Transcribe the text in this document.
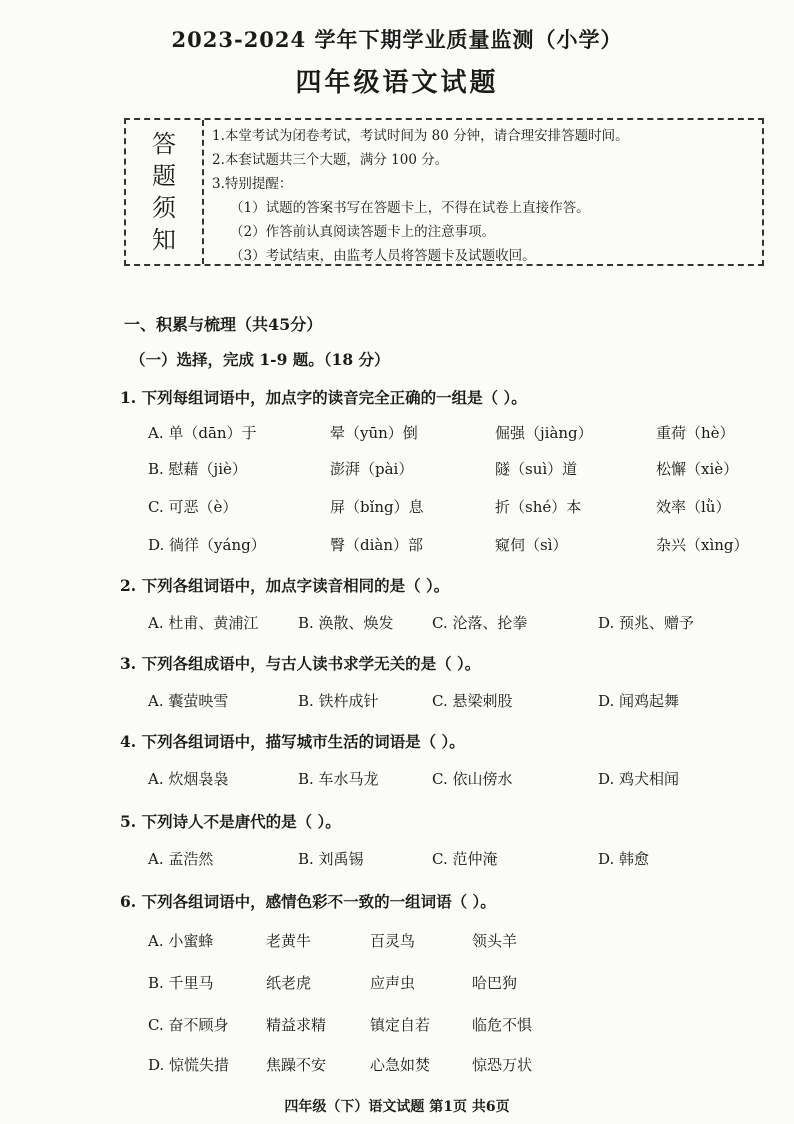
2023-2024 学年下期学业质量监测（小学）
四年级语文试题
答
题
须
知
1.本堂考试为闭卷考试，考试时间为 80 分钟，请合理安排答题时间。
2.本套试题共三个大题，满分 100 分。
3.特别提醒：
（1）试题的答案书写在答题卡上，不得在试卷上直接作答。
（2）作答前认真阅读答题卡上的注意事项。
（3）考试结束，由监考人员将答题卡及试题收回。
一、积累与梳理（共45分）
（一）选择，完成 1-9 题。（18 分）
1. 下列每组词语中，加点字的读音完全正确的一组是（ ）。
A. 单（dān）于	晕（yūn）倒	倔强（jiàng）	重荷（hè）
B. 慰藉（jiè）	澎湃（pài）	隧（suì）道	松懈（xiè）
C. 可恶（è）	屏（bǐng）息	折（shé）本	效率（lǜ）
D. 徜徉（yáng）	臀（diàn）部	窥伺（sì）	杂兴（xìng）
2. 下列各组词语中，加点字读音相同的是（ ）。
A. 杜甫、黄浦江	B. 涣散、焕发	C. 沦落、抡拳	D. 预兆、赠予
3. 下列各组成语中，与古人读书求学无关的是（ ）。
A. 囊萤映雪	B. 铁杵成针	C. 悬梁刺股	D. 闻鸡起舞
4. 下列各组词语中，描写城市生活的词语是（ ）。
A. 炊烟袅袅	B. 车水马龙	C. 依山傍水	D. 鸡犬相闻
5. 下列诗人不是唐代的是（ ）。
A. 孟浩然	B. 刘禹锡	C. 范仲淹	D. 韩愈
6. 下列各组词语中，感情色彩不一致的一组词语（ ）。
A. 小蜜蜂	老黄牛	百灵鸟	领头羊
B. 千里马	纸老虎	应声虫	哈巴狗
C. 奋不顾身	精益求精	镇定自若	临危不惧
D. 惊慌失措 焦躁不安	心急如焚	惊恐万状
四年级（下）语文试题 第1页 共6页
